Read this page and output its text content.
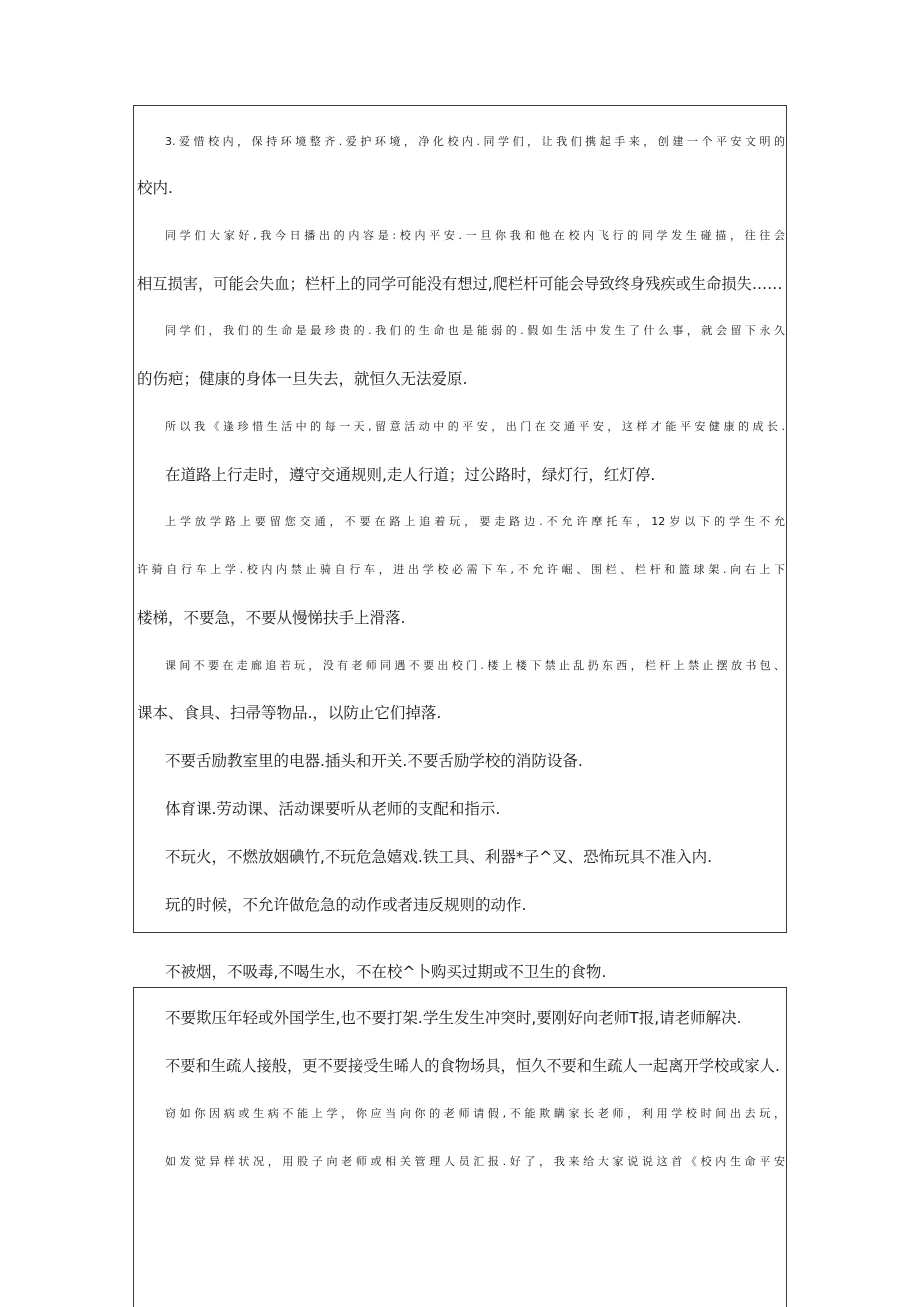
3.爱惜校内，保持环境整齐.爱护环境，净化校内.同学们，让我们携起手来，创建一个平安文明的
校内.
同学们大家好,我今日播出的内容是:校内平安.一旦你我和他在校内飞行的同学发生碰描，往往会
相互损害，可能会失血；栏杆上的同学可能没有想过,爬栏杆可能会导致终身残疾或生命损失……
同学们，我们的生命是最珍贵的.我们的生命也是能弱的.假如生活中发生了什么事，就会留下永久
的伤疤；健康的身体一旦失去，就恒久无法爱原.
所以我《逢珍惜生活中的每一天,留意活动中的平安，出门在交通平安，这样才能平安健康的成长.
在道路上行走时，遵守交通规则,走人行道；过公路时，绿灯行，红灯停.
上学放学路上要留您交通，不要在路上追着玩，要走路边.不允许摩托车，12岁以下的学生不允
许骑自行车上学.校内内禁止骑自行车，进出学校必需下车,不允许崛、围栏、栏杆和篮球架.向右上下
楼梯，不要急，不要从慢悌扶手上滑落.
课间不要在走廊追若玩，没有老师同遇不要出校门.楼上楼下禁止乱扔东西，栏杆上禁止摆放书包、
课本、食具、扫帚等物品.，以防止它们掉落.
不要舌励教室里的电器.插头和开关.不要舌励学校的消防设备.
体育课.劳动课、活动课要听从老师的支配和指示.
不玩火，不燃放姻碘竹,不玩危急嬉戏.铁工具、利器*子^叉、恐怖玩具不准入内.
玩的时候，不允许做危急的动作或者违反规则的动作.
不被烟，不吸毒,不喝生水，不在校^卜购买过期或不卫生的食物.
不要欺压年轻或外国学生,也不要打架.学生发生冲突时,要刚好向老师T报,请老师解决.
不要和生疏人接般，更不要接受生晞人的食物场具，恒久不要和生疏人一起离开学校或家人.
窃如你因病或生病不能上学，你应当向你的老师请假,不能欺瞒家长老师，利用学校时间出去玩，
如发觉异样状况，用股子向老师或相关管理人员汇报.好了，我来给大家说说这首《校内生命平安
